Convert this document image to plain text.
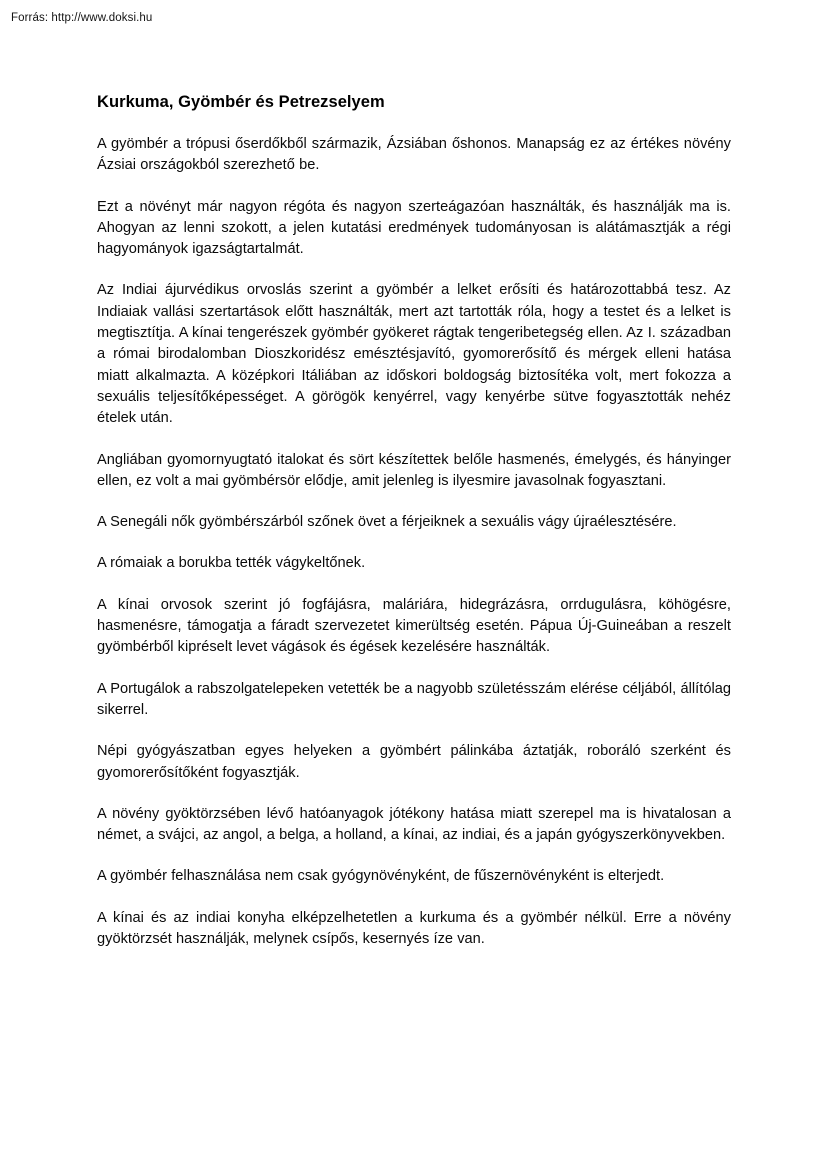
Forrás: http://www.doksi.hu
Kurkuma, Gyömbér és Petrezselyem

A gyömbér a trópusi őserdőkből származik, Ázsiában őshonos. Manapság ez az értékes növény Ázsiai országokból szerezhető be.

Ezt a növényt már nagyon régóta és nagyon szerteágazóan használták, és használják ma is. Ahogyan az lenni szokott, a jelen kutatási eredmények tudományosan is alátámasztják a régi hagyományok igazságtartalmát.

Az Indiai ájurvédikus orvoslás szerint a gyömbér a lelket erősíti és határozottabbá tesz. Az Indiaiak vallási szertartások előtt használták, mert azt tartották róla, hogy a testet és a lelket is megtisztítja. A kínai tengerészek gyömbér gyökeret rágtak tengeribetegség ellen. Az I. században a római birodalomban Dioszkoridész emésztésjavító, gyomorerősítő és mérgek elleni hatása miatt alkalmazta. A középkori Itáliában az időskori boldogság biztosítéka volt, mert fokozza a sexuális teljesítőképességet. A görögök kenyérrel, vagy kenyérbe sütve fogyasztották nehéz ételek után.

Angliában gyomornyugtató italokat és sört készítettek belőle hasmenés, émelygés, és hányinger ellen, ez volt a mai gyömbérsör elődje, amit jelenleg is ilyesmire javasolnak fogyasztani.

A Senegáli nők gyömbérszárból szőnek övet a férjeiknek a sexuális vágy újraélesztésére.

A rómaiak a borukba tették vágykeltőnek.

A kínai orvosok szerint jó fogfájásra, maláriára, hidegrázásra, orrdugulásra, köhögésre, hasmenésre, támogatja a fáradt szervezetet kimerültség esetén. Pápua Új-Guineában a reszelt gyömbérből kipréselt levet vágások és égések kezelésére használták.

A Portugálok a rabszolgatelepeken vetették be a nagyobb születésszám elérése céljából, állítólag sikerrel.

Népi gyógyászatban egyes helyeken a gyömbért pálinkába áztatják, roboráló szerként és gyomorerősítőként fogyasztják.

A növény gyöktörzsében lévő hatóanyagok jótékony hatása miatt szerepel ma is hivatalosan a német, a svájci, az angol, a belga, a holland, a kínai, az indiai, és a japán gyógyszerkönyvekben.

A gyömbér felhasználása nem csak gyógynövényként, de fűszernövényként is elterjedt.

A kínai és az indiai konyha elképzelhetetlen a kurkuma és a gyömbér nélkül. Erre a növény gyöktörzsét használják, melynek csípős, kesernyés íze van.
